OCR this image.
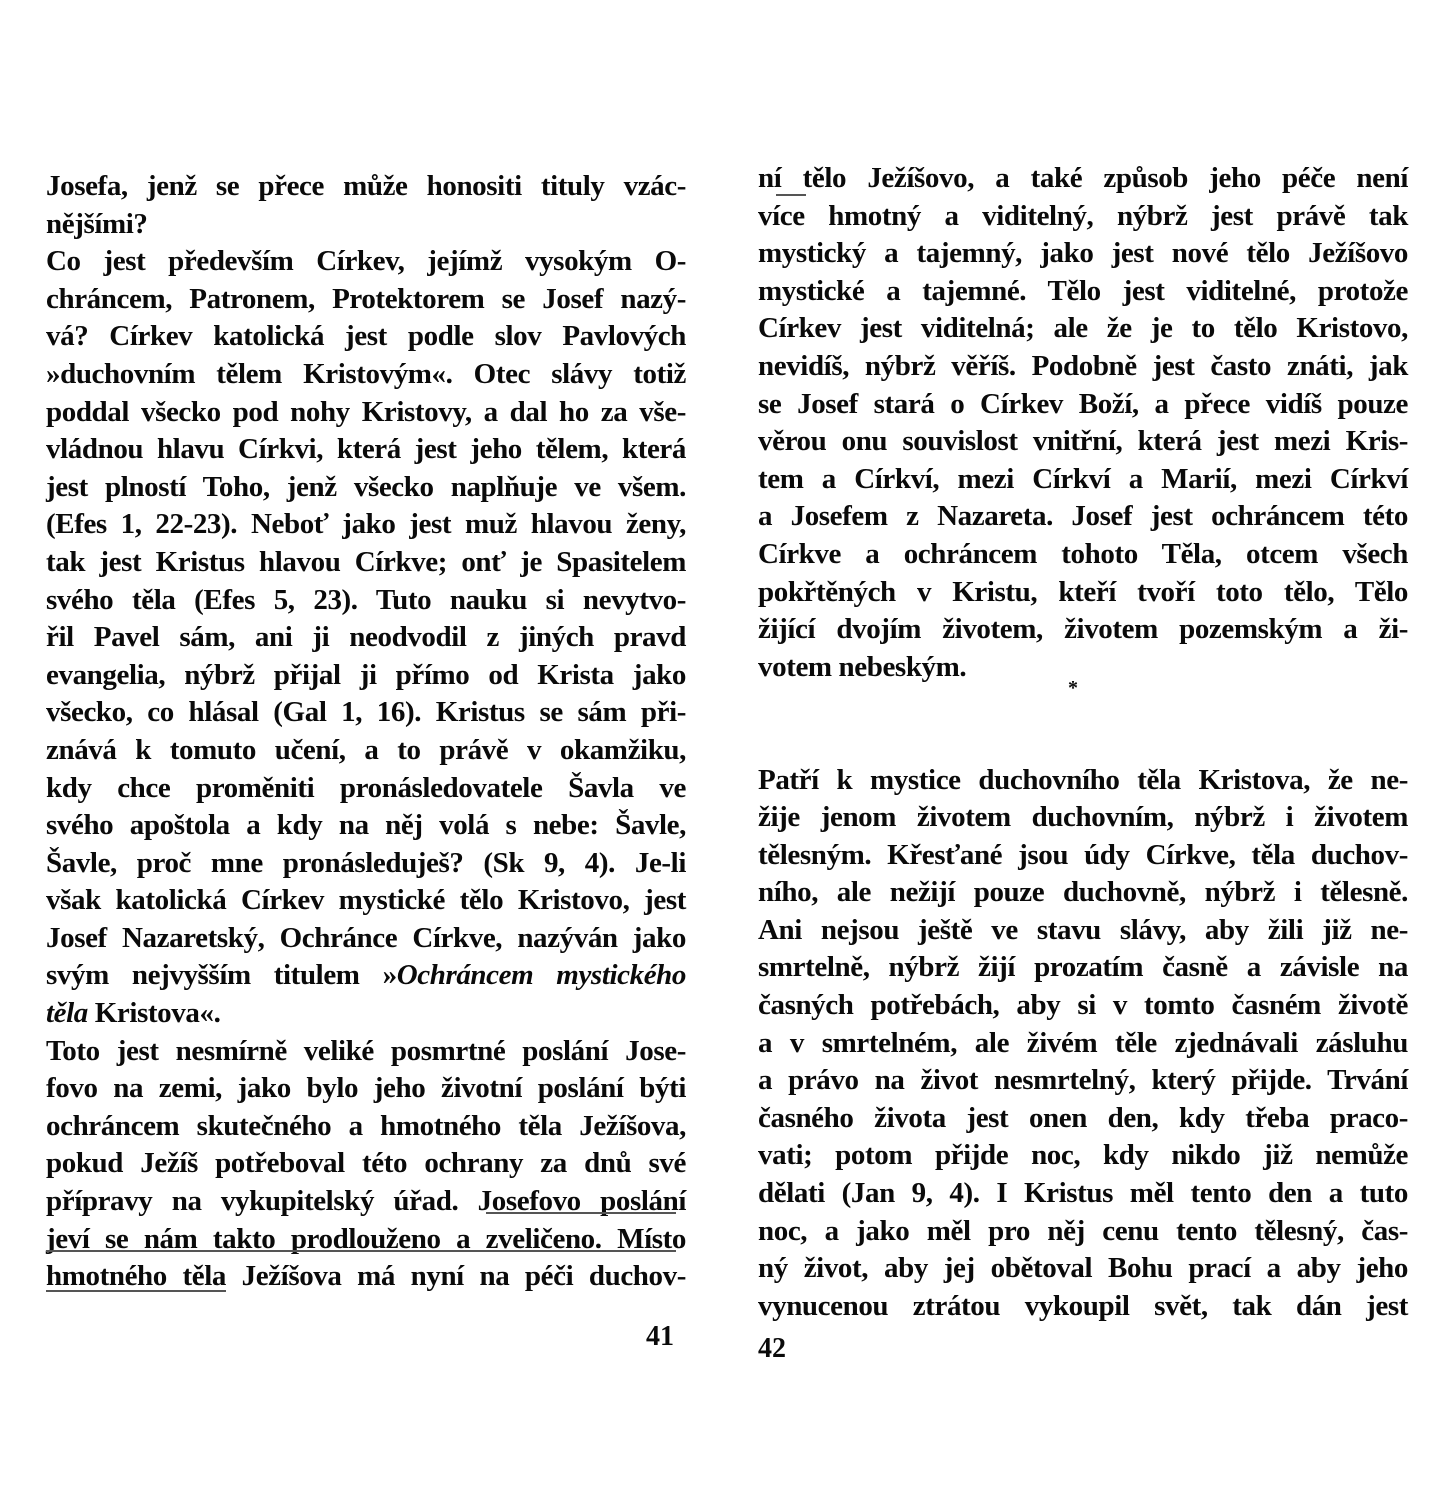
Josefa, jenž se přece může honositi tituly vzác-
nějšími?
Co jest především Církev, jejímž vysokým O-
chráncem, Patronem, Protektorem se Josef nazý-
vá? Církev katolická jest podle slov Pavlových
»duchovním tělem Kristovým«. Otec slávy totiž
poddal všecko pod nohy Kristovy, a dal ho za vše-
vládnou hlavu Církvi, která jest jeho tělem, která
jest plností Toho, jenž všecko naplňuje ve všem.
(Efes 1, 22-23). Neboť jako jest muž hlavou ženy,
tak jest Kristus hlavou Církve; onť je Spasitelem
svého těla (Efes 5, 23). Tuto nauku si nevytvo-
řil Pavel sám, ani ji neodvodil z jiných pravd
evangelia, nýbrž přijal ji přímo od Krista jako
všecko, co hlásal (Gal 1, 16). Kristus se sám při-
znává k tomuto učení, a to právě v okamžiku,
kdy chce proměniti pronásledovatele Šavla ve
svého apoštola a kdy na něj volá s nebe: Šavle,
Šavle, proč mne pronásleduješ? (Sk 9, 4). Je-li
však katolická Církev mystické tělo Kristovo, jest
Josef Nazaretský, Ochránce Církve, nazýván jako
svým nejvyšším titulem »Ochráncem mystického
těla Kristova«.
Toto jest nesmírně veliké posmrtné poslání Jose-
fovo na zemi, jako bylo jeho životní poslání býti
ochráncem skutečného a hmotného těla Ježíšova,
pokud Ježíš potřeboval této ochrany za dnů své
přípravy na vykupitelský úřad. Josefovo poslání
jeví se nám takto prodlouženo a zveličeno. Místo
hmotného těla Ježíšova má nyní na péči duchov-
41
ní tělo Ježíšovo, a také způsob jeho péče není
více hmotný a viditelný, nýbrž jest právě tak
mystický a tajemný, jako jest nové tělo Ježíšovo
mystické a tajemné. Tělo jest viditelné, protože
Církev jest viditelná; ale že je to tělo Kristovo,
nevidíš, nýbrž věříš. Podobně jest často znáti, jak
se Josef stará o Církev Boží, a přece vidíš pouze
věrou onu souvislost vnitřní, která jest mezi Kris-
tem a Církví, mezi Církví a Marií, mezi Církví
a Josefem z Nazareta. Josef jest ochráncem této
Církve a ochráncem tohoto Těla, otcem všech
pokřtěných v Kristu, kteří tvoří toto tělo, Tělo
žijící dvojím životem, životem pozemským a ži-
votem nebeským.
Patří k mystice duchovního těla Kristova, že ne-
žije jenom životem duchovním, nýbrž i životem
tělesným. Křesťané jsou údy Církve, těla duchov-
ního, ale nežijí pouze duchovně, nýbrž i tělesně.
Ani nejsou ještě ve stavu slávy, aby žili již ne-
smrtelně, nýbrž žijí prozatím časně a závisle na
časných potřebách, aby si v tomto časném životě
a v smrtelném, ale živém těle zjednávali zásluhu
a právo na život nesmrtelný, který přijde. Trvání
časného života jest onen den, kdy třeba praco-
vati; potom přijde noc, kdy nikdo již nemůže
dělati (Jan 9, 4). I Kristus měl tento den a tuto
noc, a jako měl pro něj cenu tento tělesný, čas-
ný život, aby jej obětoval Bohu prací a aby jeho
vynucenou ztrátou vykoupil svět, tak dán jest
*
42
